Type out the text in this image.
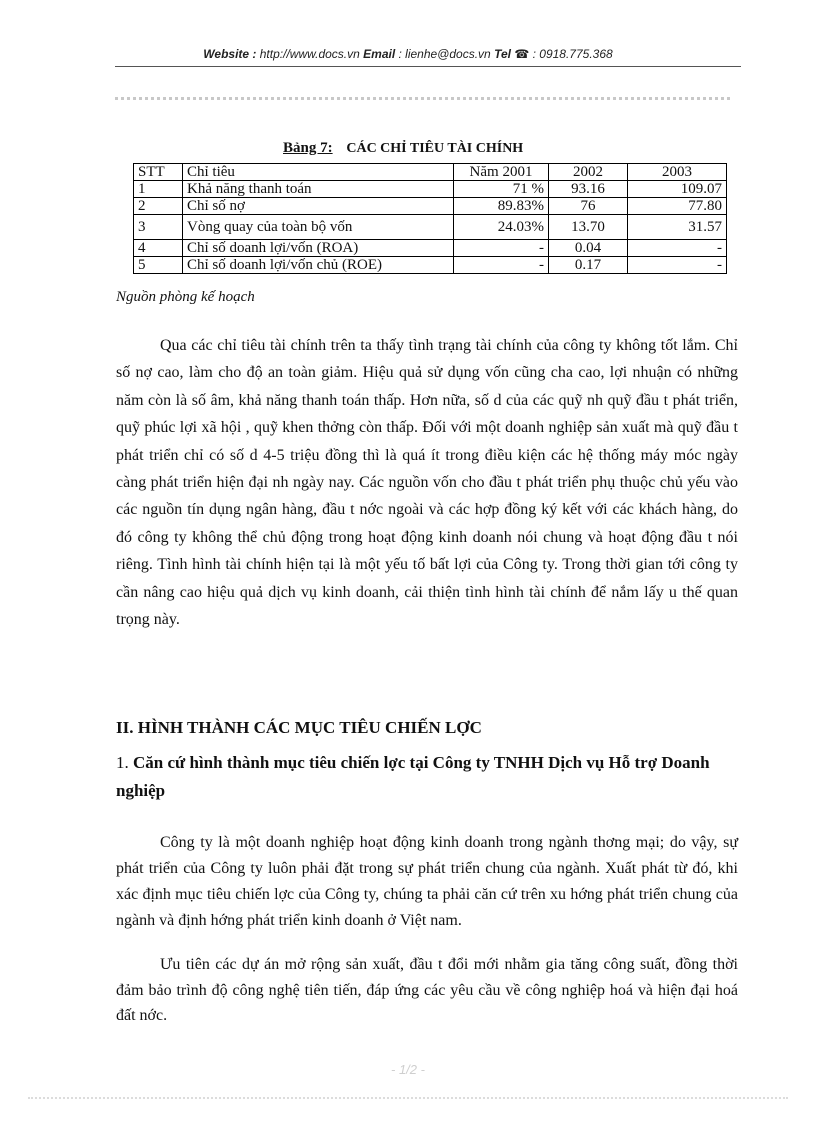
Website : http://www.docs.vn Email : lienhe@docs.vn Tel ☎ : 0918.775.368
Bảng 7: CÁC CHỈ TIÊU TÀI CHÍNH
STT	Chỉ tiêu	Năm 2001	2002	2003
1	Khả năng thanh toán	71 %	93.16	109.07
2	Chỉ số nợ	89.83%	76	77.80
3	Vòng quay của toàn bộ vốn	24.03%	13.70	31.57
4	Chỉ số doanh lợi/vốn (ROA)	-	0.04	-
5	Chỉ số doanh lợi/vốn chủ (ROE)	-	0.17	-
Nguồn phòng kế hoạch

Qua các chỉ tiêu tài chính trên ta thấy tình trạng tài chính của công ty không tốt lắm. Chỉ số nợ cao, làm cho độ an toàn giảm. Hiệu quả sử dụng vốn cũng cha cao, lợi nhuận có những năm còn là số âm, khả năng thanh toán thấp. Hơn nữa, số d của các quỹ nh quỹ đầu t phát triển, quỹ phúc lợi xã hội , quỹ khen thởng còn thấp. Đối với một doanh nghiệp sản xuất mà quỹ đầu t phát triển chỉ có số d 4-5 triệu đồng thì là quá ít trong điều kiện các hệ thống máy móc ngày càng phát triển hiện đại nh ngày nay. Các nguồn vốn cho đầu t phát triển phụ thuộc chủ yếu vào các nguồn tín dụng ngân hàng, đầu t nớc ngoài và các hợp đồng ký kết với các khách hàng, do đó công ty không thể chủ động trong hoạt động kinh doanh nói chung và hoạt động đầu t nói riêng. Tình hình tài chính hiện tại là một yếu tố bất lợi của Công ty. Trong thời gian tới công ty cần nâng cao hiệu quả dịch vụ kinh doanh, cải thiện tình hình tài chính để nắm lấy u thế quan trọng này.

II. HÌNH THÀNH CÁC MỤC TIÊU CHIẾN LỢC
1. Căn cứ hình thành mục tiêu chiến lợc tại Công ty TNHH Dịch vụ Hỗ trợ Doanh nghiệp

Công ty là một doanh nghiệp hoạt động kinh doanh trong ngành thơng mại; do vậy, sự phát triển của Công ty luôn phải đặt trong sự phát triển chung của ngành. Xuất phát từ đó, khi xác định mục tiêu chiến lợc của Công ty, chúng ta phải căn cứ trên xu hớng phát triển chung của ngành và định hớng phát triển kinh doanh ở Việt nam.

Ưu tiên các dự án mở rộng sản xuất, đầu t đổi mới nhằm gia tăng công suất, đồng thời đảm bảo trình độ công nghệ tiên tiến, đáp ứng các yêu cầu về công nghiệp hoá và hiện đại hoá đất nớc.

- 1/2 -
